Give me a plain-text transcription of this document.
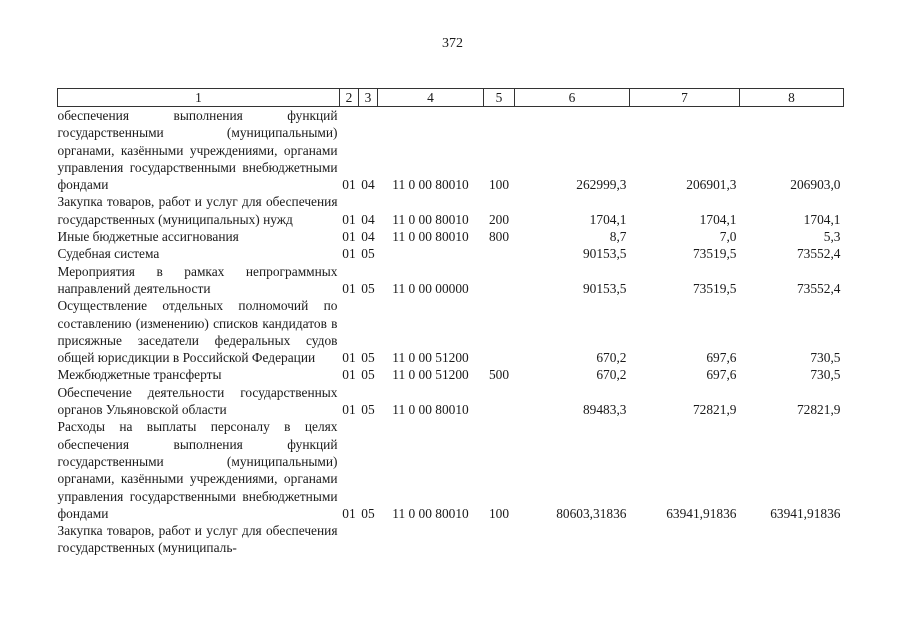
372
1	2	3	4	5	6	7	8
обеспечения выполнения функций государственными (муниципальными) органами, казёнными учреждениями, органами управления государственными внебюджетными фондами	01	04	11 0 00 80010	100	262999,3	206901,3	206903,0
Закупка товаров, работ и услуг для обеспечения государственных (муниципальных) нужд	01	04	11 0 00 80010	200	1704,1	1704,1	1704,1
Иные бюджетные ассигнования	01	04	11 0 00 80010	800	8,7	7,0	5,3
Судебная система	01	05			90153,5	73519,5	73552,4
Мероприятия в рамках непрограммных направлений деятельности	01	05	11 0 00 00000		90153,5	73519,5	73552,4
Осуществление отдельных полномочий по составлению (изменению) списков кандидатов в присяжные заседатели федеральных судов общей юрисдикции в Российской Федерации	01	05	11 0 00 51200		670,2	697,6	730,5
Межбюджетные трансферты	01	05	11 0 00 51200	500	670,2	697,6	730,5
Обеспечение деятельности государственных органов Ульяновской области	01	05	11 0 00 80010		89483,3	72821,9	72821,9
Расходы на выплаты персоналу в целях обеспечения выполнения функций государственными (муниципальными) органами, казёнными учреждениями, органами управления государственными внебюджетными фондами	01	05	11 0 00 80010	100	80603,31836	63941,91836	63941,91836
Закупка товаров, работ и услуг для обеспечения государственных (муниципаль-							
